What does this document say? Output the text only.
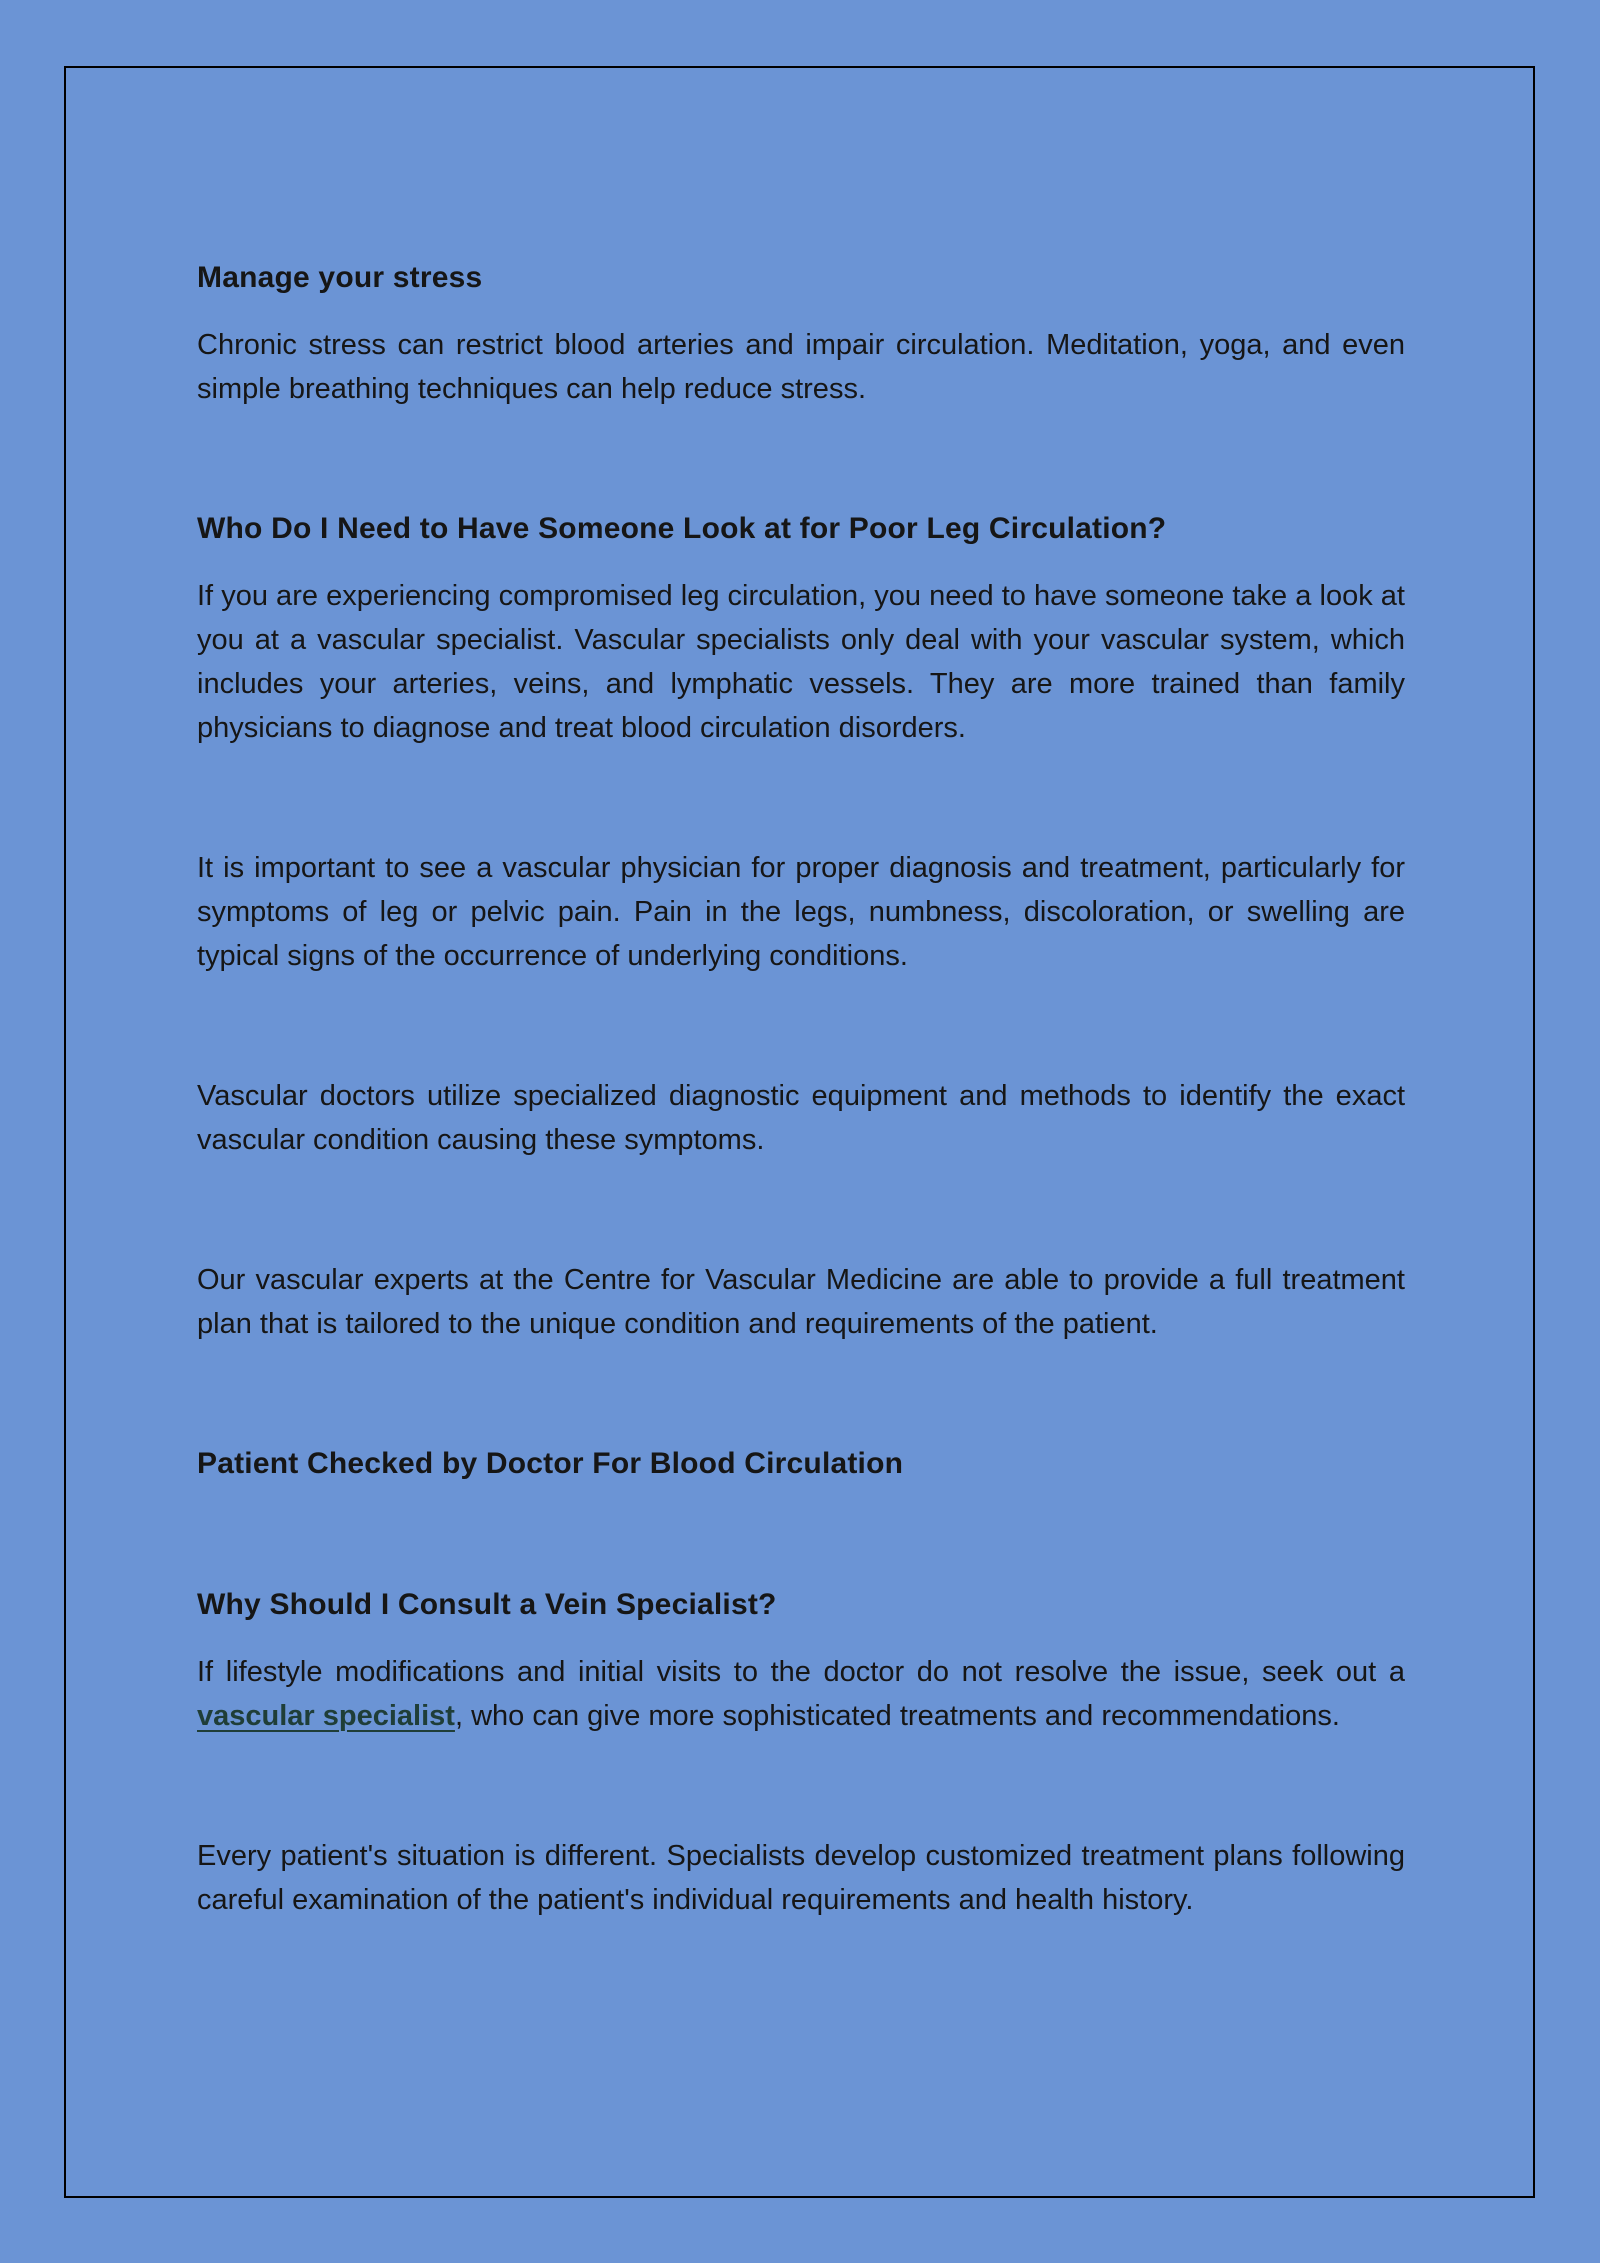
Manage your stress

Chronic stress can restrict blood arteries and impair circulation. Meditation, yoga, and even simple breathing techniques can help reduce stress.

Who Do I Need to Have Someone Look at for Poor Leg Circulation?

If you are experiencing compromised leg circulation, you need to have someone take a look at you at a vascular specialist. Vascular specialists only deal with your vascular system, which includes your arteries, veins, and lymphatic vessels. They are more trained than family physicians to diagnose and treat blood circulation disorders.

It is important to see a vascular physician for proper diagnosis and treatment, particularly for symptoms of leg or pelvic pain. Pain in the legs, numbness, discoloration, or swelling are typical signs of the occurrence of underlying conditions.

Vascular doctors utilize specialized diagnostic equipment and methods to identify the exact vascular condition causing these symptoms.

Our vascular experts at the Centre for Vascular Medicine are able to provide a full treatment plan that is tailored to the unique condition and requirements of the patient.

Patient Checked by Doctor For Blood Circulation
Why Should I Consult a Vein Specialist?

If lifestyle modifications and initial visits to the doctor do not resolve the issue, seek out a vascular specialist, who can give more sophisticated treatments and recommendations.

Every patient's situation is different. Specialists develop customized treatment plans following careful examination of the patient's individual requirements and health history.
